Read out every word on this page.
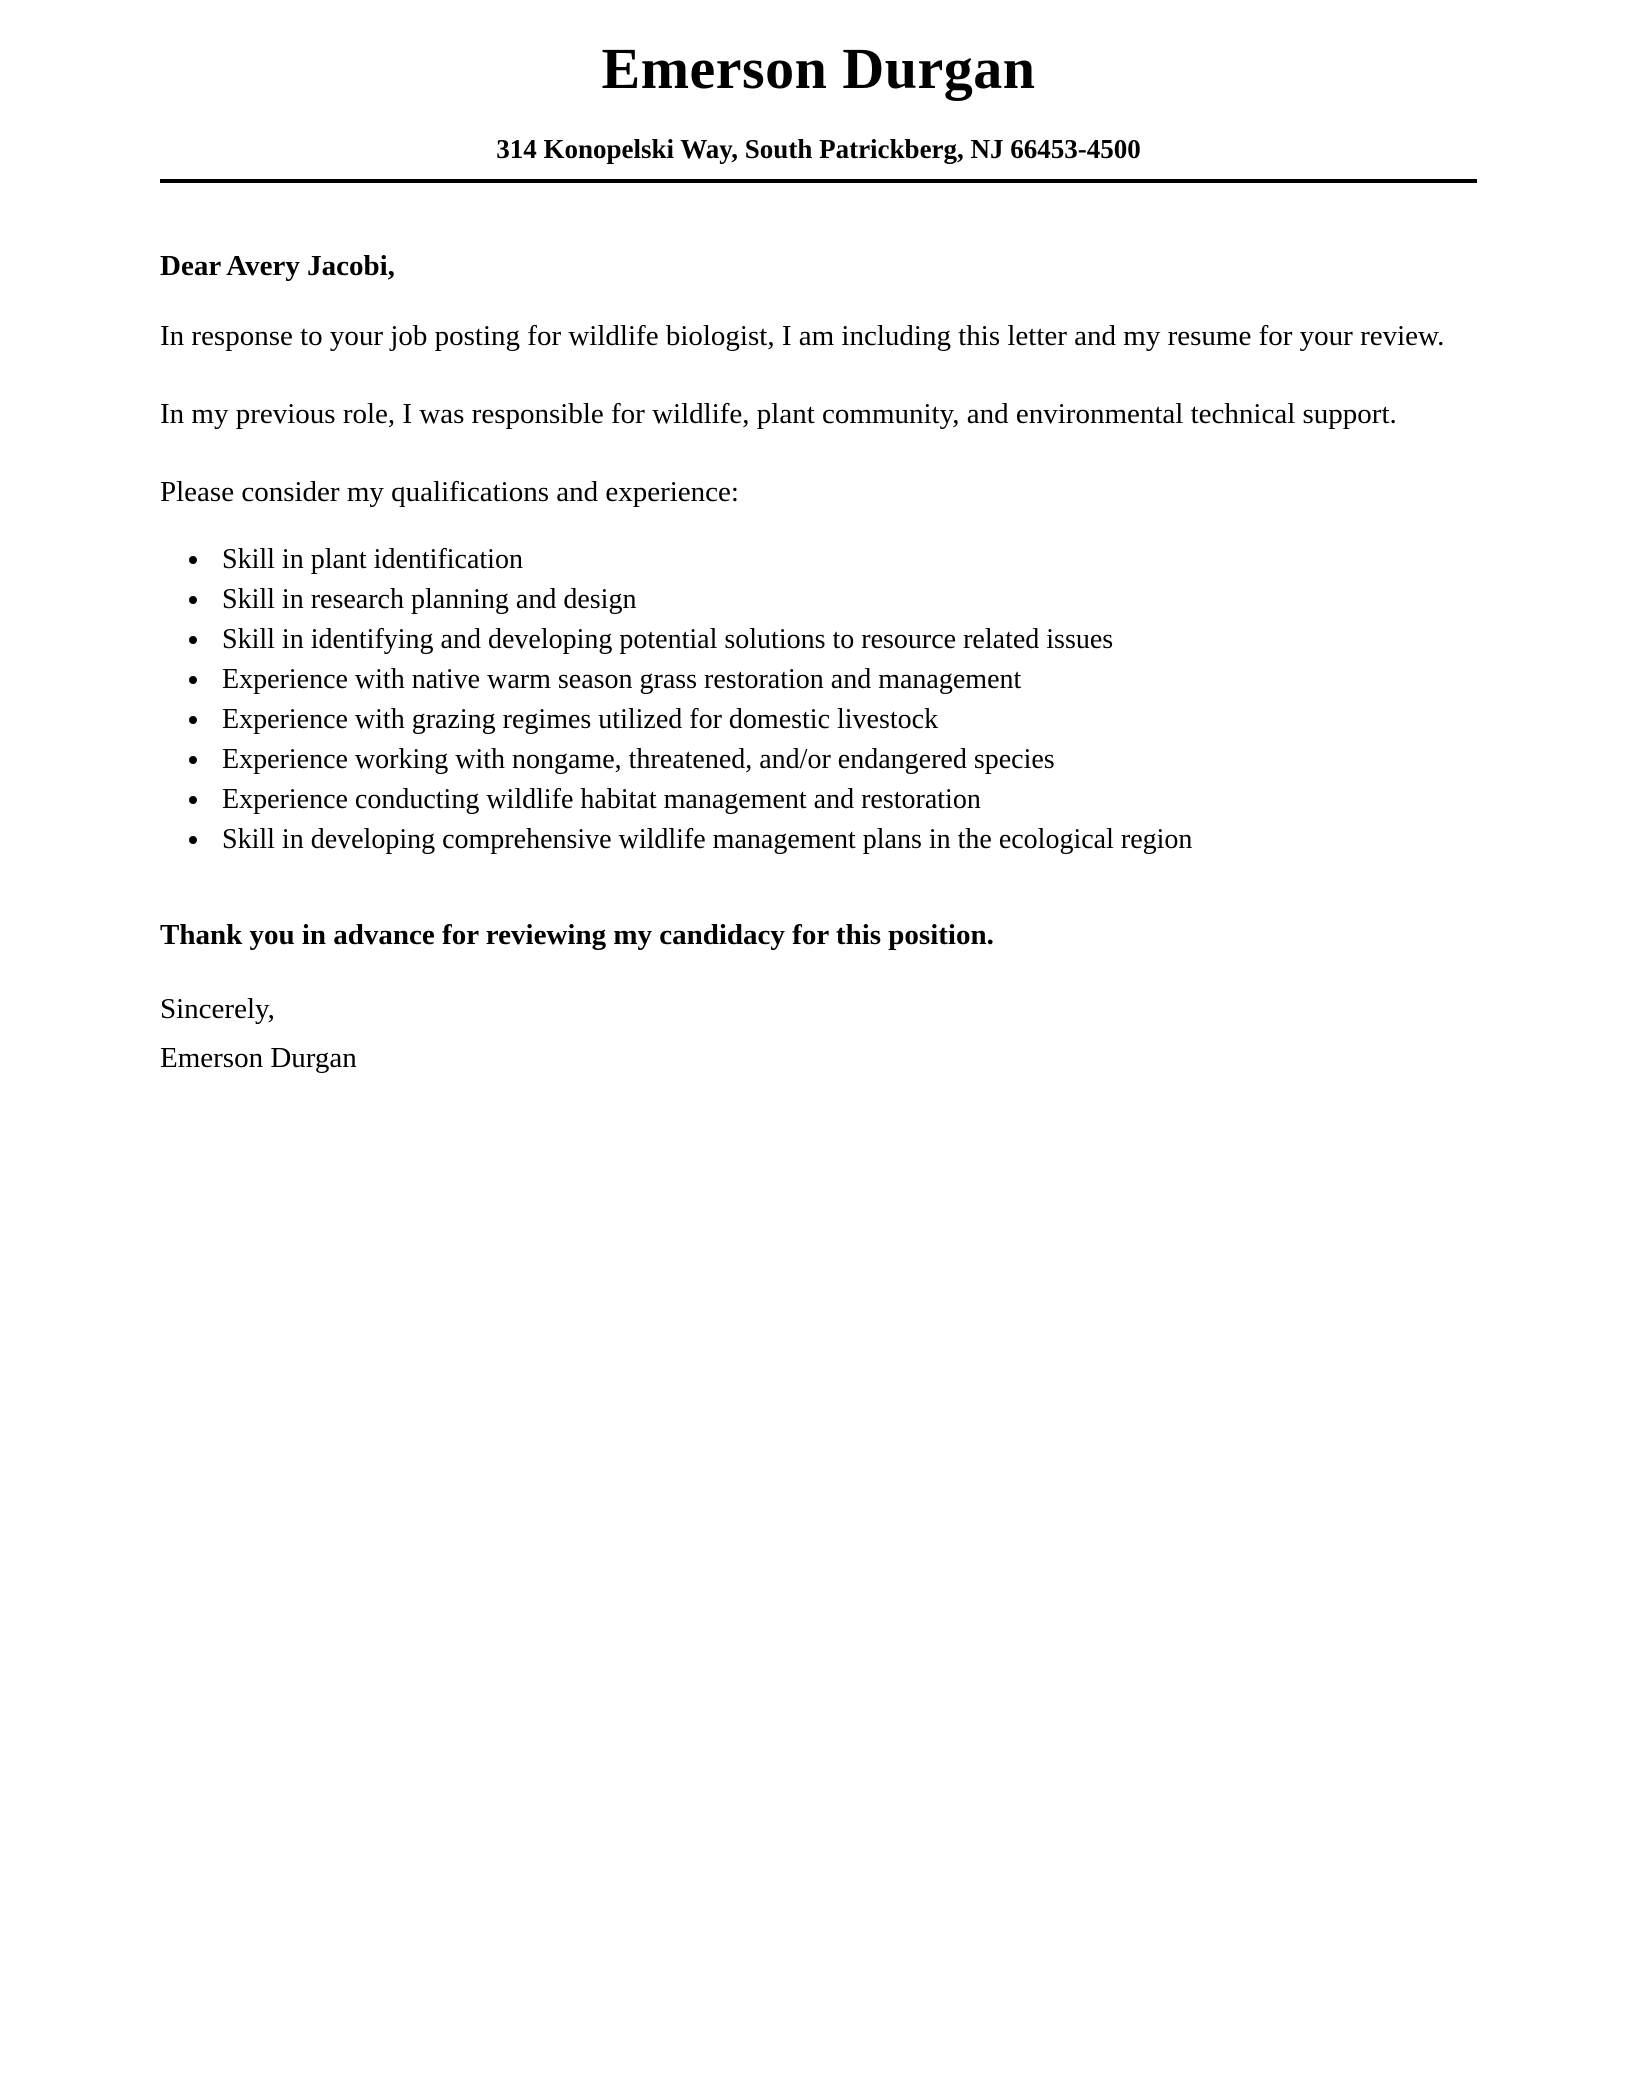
Emerson Durgan
314 Konopelski Way, South Patrickberg, NJ 66453-4500
Dear Avery Jacobi,

In response to your job posting for wildlife biologist, I am including this letter and my resume for your review.

In my previous role, I was responsible for wildlife, plant community, and environmental technical support.

Please consider my qualifications and experience:

• Skill in plant identification
• Skill in research planning and design
• Skill in identifying and developing potential solutions to resource related issues
• Experience with native warm season grass restoration and management
• Experience with grazing regimes utilized for domestic livestock
• Experience working with nongame, threatened, and/or endangered species
• Experience conducting wildlife habitat management and restoration
• Skill in developing comprehensive wildlife management plans in the ecological region
Thank you in advance for reviewing my candidacy for this position.
Sincerely,
Emerson Durgan
